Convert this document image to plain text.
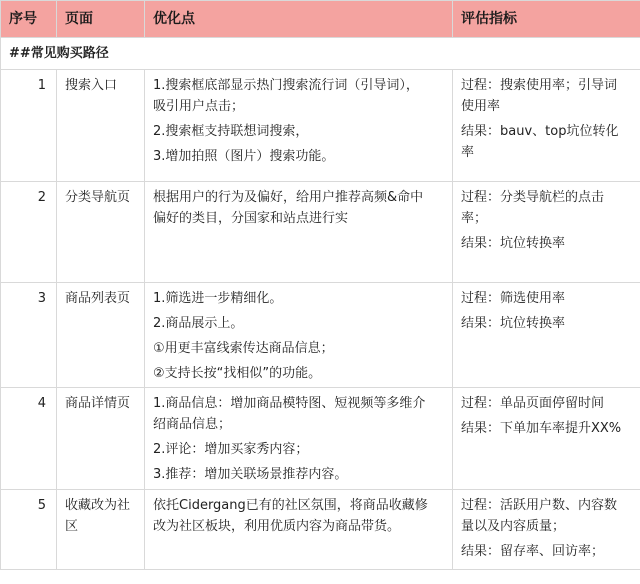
序号	页面	优化点	评估指标
##常见购买路径			
1	搜索入口	1.搜索框底部显示热门搜索流行词（引导词），
吸引用户点击；
2.搜索框支持联想词搜索，
3.增加拍照（图片）搜索功能。	过程：搜索使用率；引导词
使用率
结果：bauv、top坑位转化
率

2	分类导航页	根据用户的行为及偏好，给用户推荐高频&命中
偏好的类目，分国家和站点进行实	过程：分类导航栏的点击
率；
结果：坑位转换率

3	商品列表页	1.筛选进一步精细化。
2.商品展示上。
①用更丰富线索传达商品信息；
②支持长按“找相似”的功能。	过程：筛选使用率
结果：坑位转换率

4	商品详情页	1.商品信息：增加商品模特图、短视频等多维介
绍商品信息；
2.评论：增加买家秀内容；
3.推荐：增加关联场景推荐内容。	过程：单品页面停留时间
结果：下单加车率提升XX%

5	收藏改为社
区	依托Cidergang已有的社区氛围，将商品收藏修
改为社区板块，利用优质内容为商品带货。	过程：活跃用户数、内容数
量以及内容质量；
结果：留存率、回访率；
